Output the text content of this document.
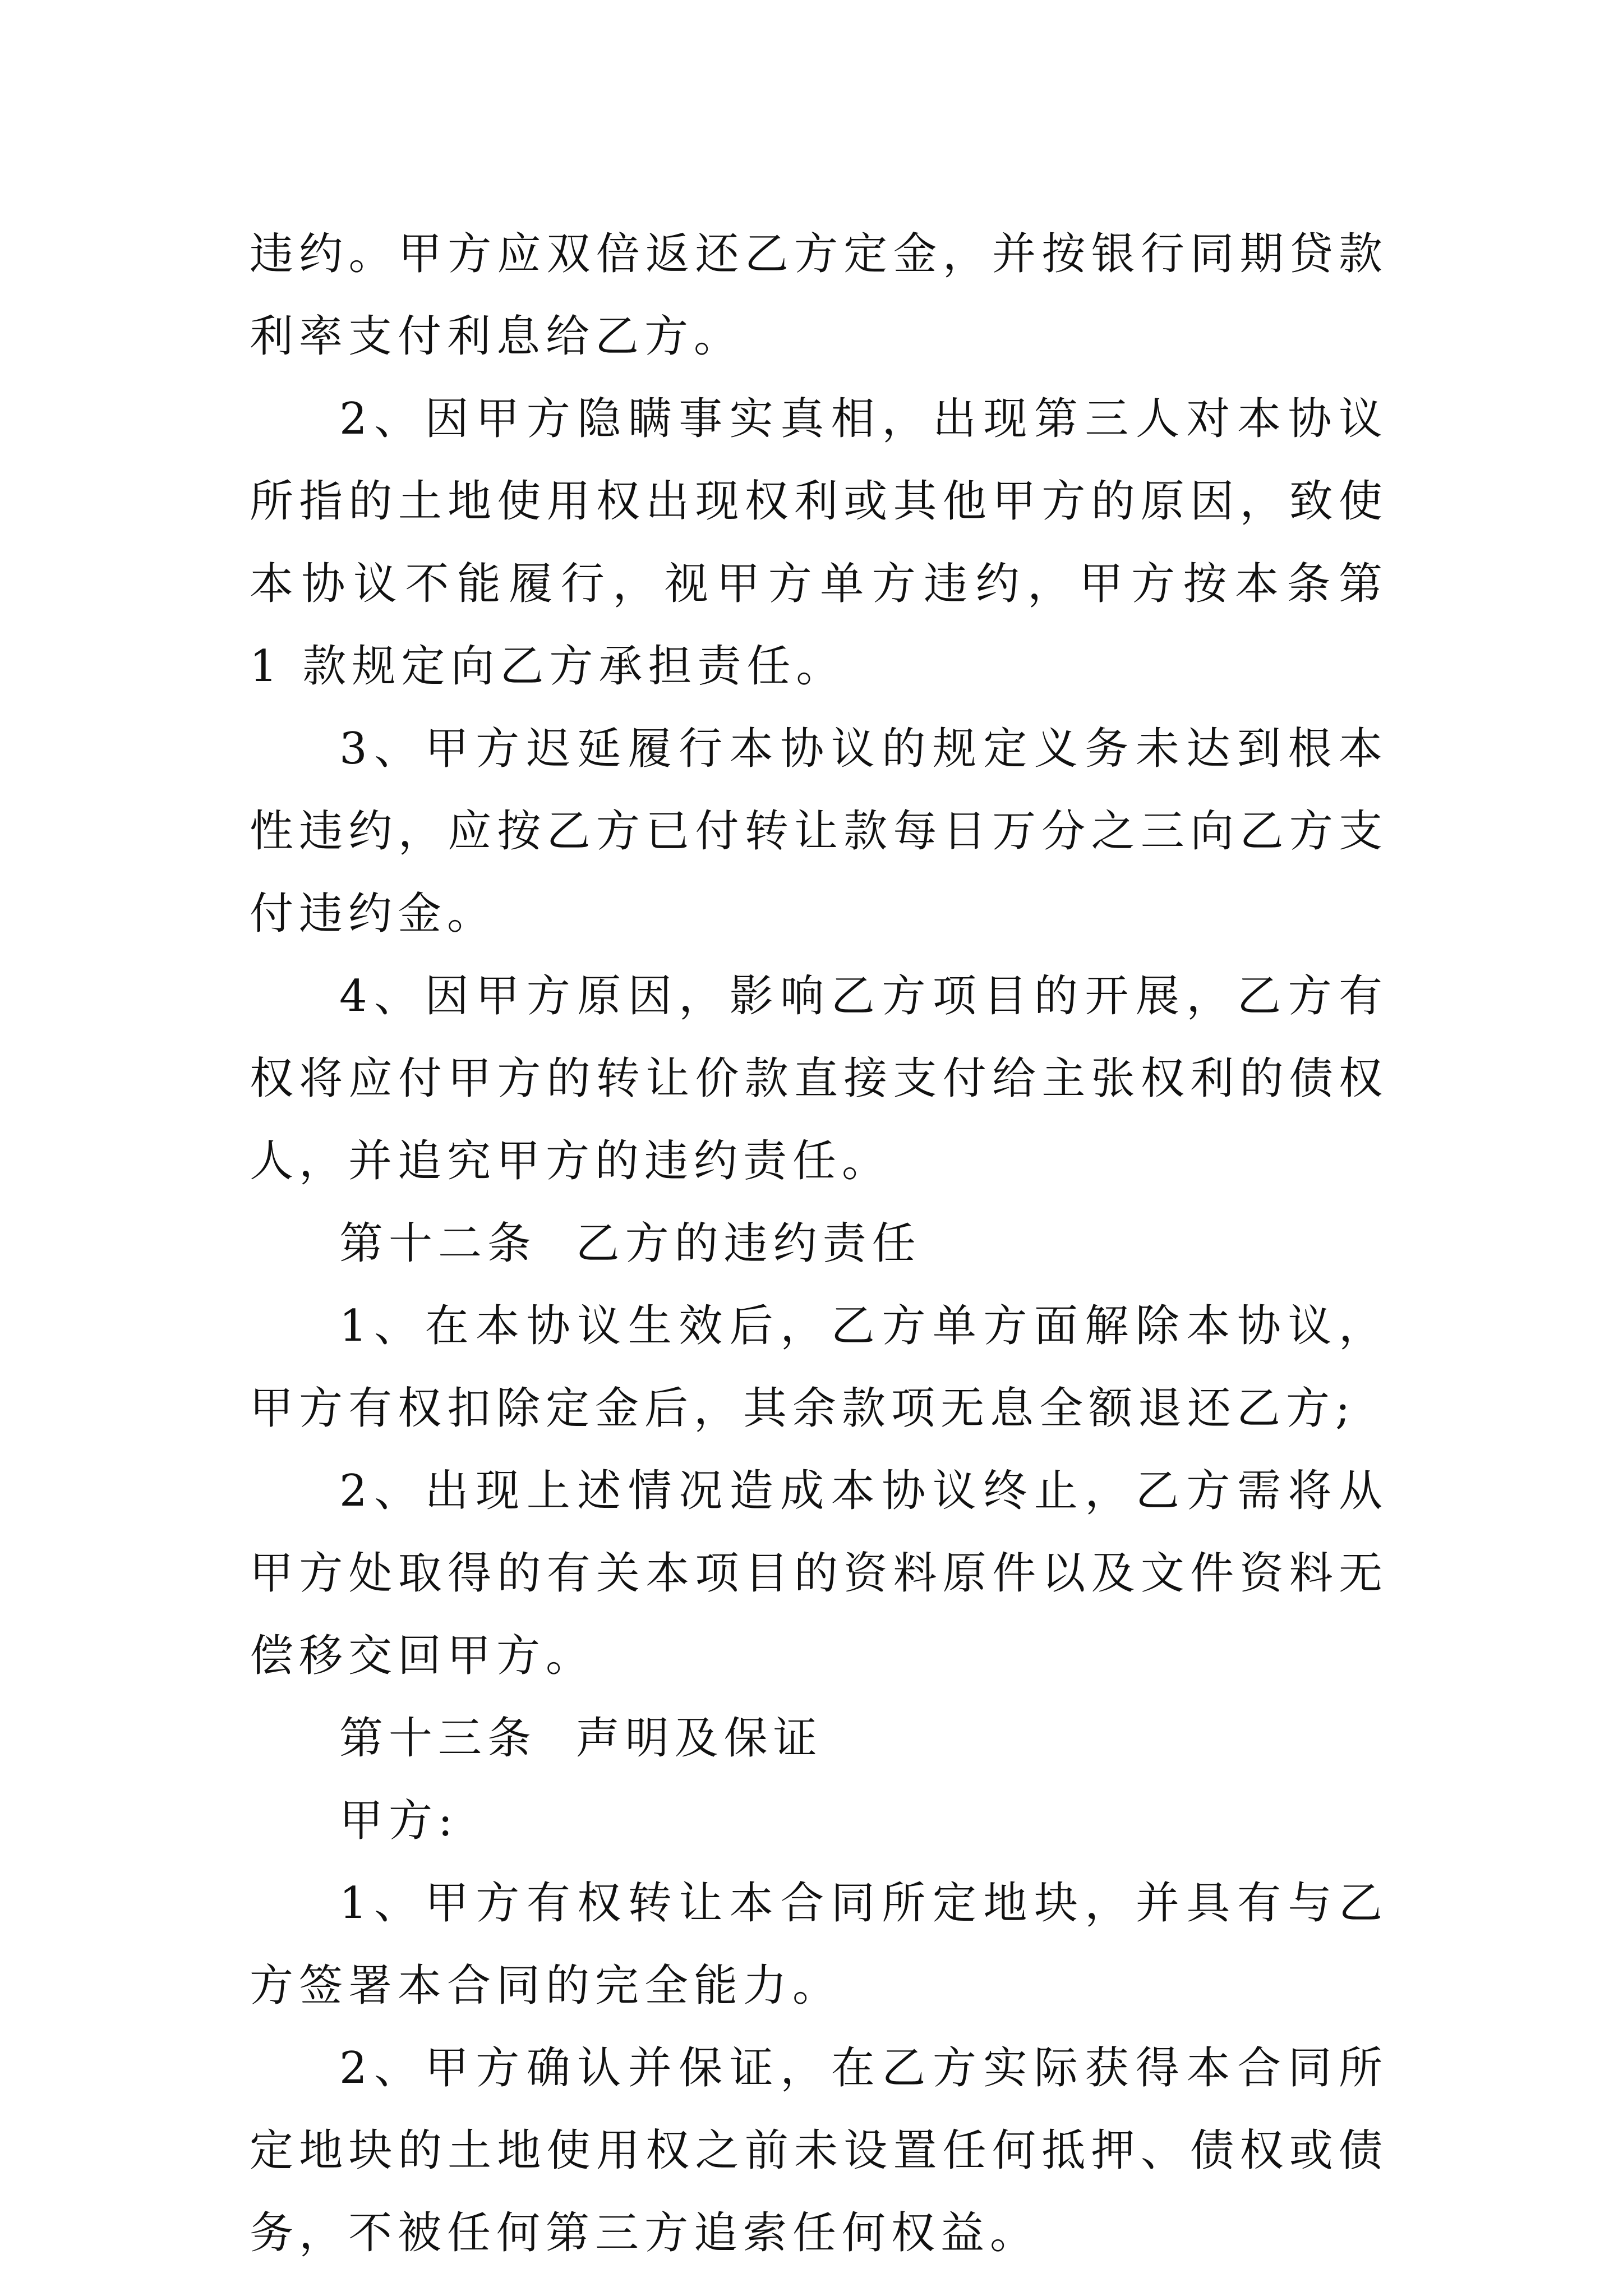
违约。甲方应双倍返还乙方定金，并按银行同期贷款利率支付利息给乙方。

2、因甲方隐瞒事实真相，出现第三人对本协议所指的土地使用权出现权利或其他甲方的原因，致使本协议不能履行，视甲方单方违约，甲方按本条第 1 款规定向乙方承担责任。

3、甲方迟延履行本协议的规定义务未达到根本性违约，应按乙方已付转让款每日万分之三向乙方支付违约金。

4、因甲方原因，影响乙方项目的开展，乙方有权将应付甲方的转让价款直接支付给主张权利的债权人，并追究甲方的违约责任。

第十二条  乙方的违约责任

1、在本协议生效后，乙方单方面解除本协议，甲方有权扣除定金后，其余款项无息全额退还乙方;

2、出现上述情况造成本协议终止，乙方需将从甲方处取得的有关本项目的资料原件以及文件资料无偿移交回甲方。

第十三条  声明及保证

甲方:

1、甲方有权转让本合同所定地块，并具有与乙方签署本合同的完全能力。

2、甲方确认并保证，在乙方实际获得本合同所定地块的土地使用权之前未设置任何抵押、债权或债务，不被任何第三方追索任何权益。
